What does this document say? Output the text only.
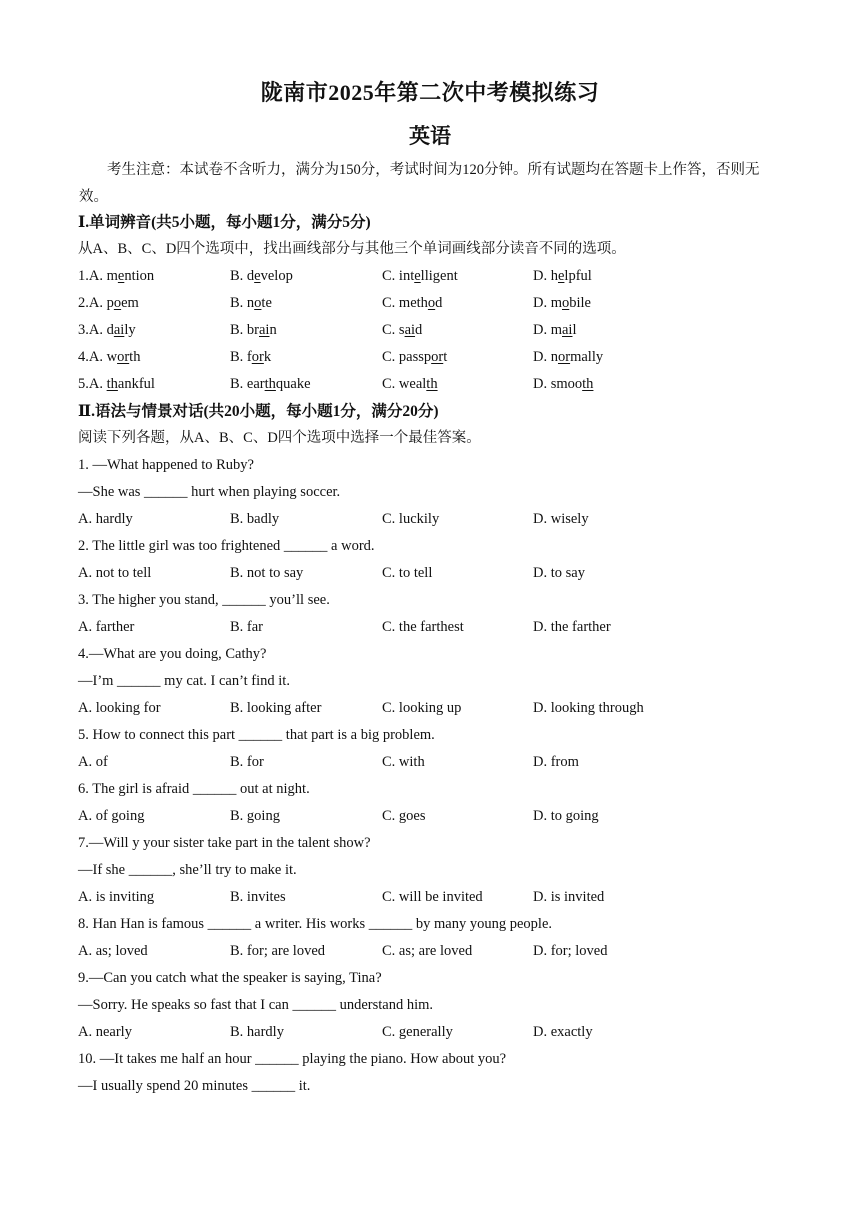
陇南市2025年第二次中考模拟练习
英语
考生注意：本试卷不含听力，满分为150分，考试时间为120分钟。所有试题均在答题卡上作答，否则无效。
Ⅰ.单词辨音(共5小题，每小题1分，满分5分)
从A、B、C、D四个选项中，找出画线部分与其他三个单词画线部分读音不同的选项。
1.A. mention	B. develop	C. intelligent	D. helpful
2.A. poem	B. note	C. method	D. mobile
3.A. daily	B. brain	C. said	D. mail
4.A. worth	B. fork	C. passport	D. normally
5.A. thankful	B. earthquake	C. wealth	D. smooth
Ⅱ.语法与情景对话(共20小题，每小题1分，满分20分)
阅读下列各题，从A、B、C、D四个选项中选择一个最佳答案。
1. —What happened to Ruby?
—She was ______ hurt when playing soccer.
A. hardly	B. badly	C. luckily	D. wisely
2. The little girl was too frightened ______ a word.
A. not to tell	B. not to say	C. to tell	D. to say
3. The higher you stand, ______ you’ll see.
A. farther	B. far	C. the farthest	D. the farther
4.—What are you doing, Cathy?
—I’m ______ my cat. I can’t find it.
A. looking for	B. looking after	C. looking up	D. looking through
5. How to connect this part ______ that part is a big problem.
A. of	B. for	C. with	D. from
6. The girl is afraid ______ out at night.
A. of going	B. going	C. goes	D. to going
7.—Will y your sister take part in the talent show?
—If she ______, she’ll try to make it.
A. is inviting	B. invites	C. will be invited	D. is invited
8. Han Han is famous ______ a writer. His works ______ by many young people.
A. as; loved	B. for; are loved	C. as; are loved	D. for; loved
9.—Can you catch what the speaker is saying, Tina?
—Sorry. He speaks so fast that I can ______ understand him.
A. nearly	B. hardly	C. generally	D. exactly
10. —It takes me half an hour ______ playing the piano. How about you?
—I usually spend 20 minutes ______ it.
